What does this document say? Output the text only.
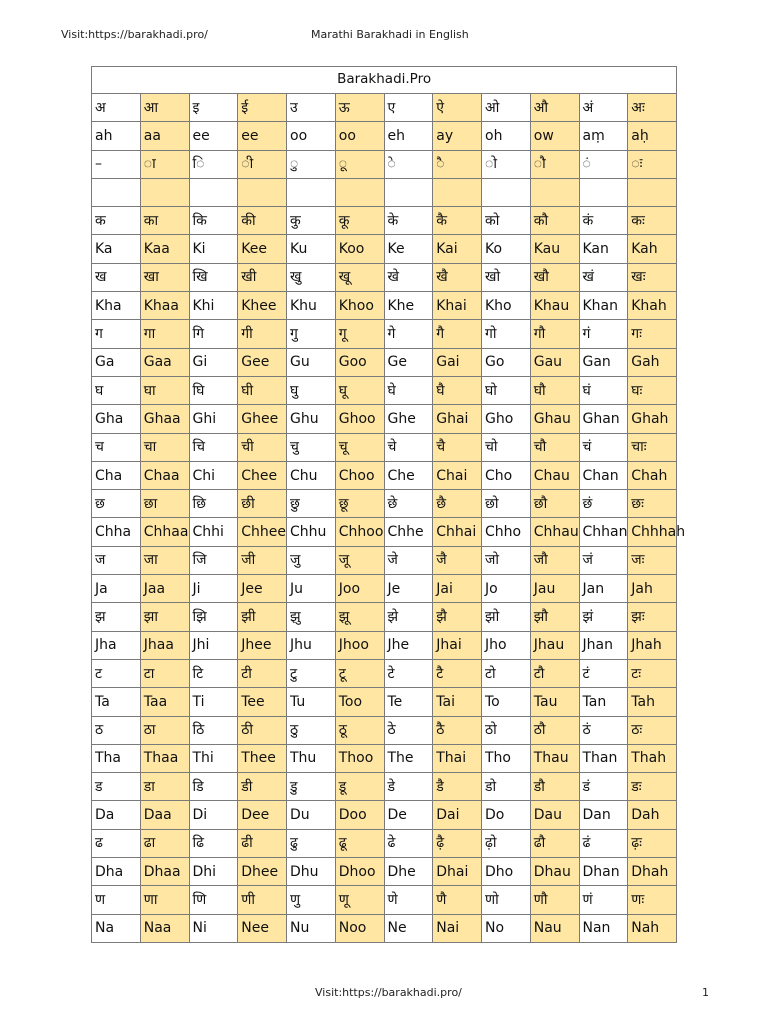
Visit:https://barakhadi.pro/	Marathi Barakhadi in English
Barakhadi.Pro											
अ	आ	इ	ई	उ	ऊ	ए	ऐ	ओ	औ	अं	अः
ah	aa	ee	ee	oo	oo	eh	ay	oh	ow	aṃ	aḥ
–	ा	ि	ी	ु	ू	े	ै	ो	ौ	ं	ः

क	का	कि	की	कु	कू	के	कै	को	कौ	कं	कः
Ka	Kaa	Ki	Kee	Ku	Koo	Ke	Kai	Ko	Kau	Kan	Kah
ख	खा	खि	खी	खु	खू	खे	खै	खो	खौ	खं	खः
Kha	Khaa	Khi	Khee	Khu	Khoo	Khe	Khai	Kho	Khau	Khan	Khah
ग	गा	गि	गी	गु	गू	गे	गै	गो	गौ	गं	गः
Ga	Gaa	Gi	Gee	Gu	Goo	Ge	Gai	Go	Gau	Gan	Gah
घ	घा	घि	घी	घु	घू	घे	घै	घो	घौ	घं	घः
Gha	Ghaa	Ghi	Ghee	Ghu	Ghoo	Ghe	Ghai	Gho	Ghau	Ghan	Ghah
च	चा	चि	ची	चु	चू	चे	चै	चो	चौ	चं	चाः
Cha	Chaa	Chi	Chee	Chu	Choo	Che	Chai	Cho	Chau	Chan	Chah
छ	छा	छि	छी	छु	छू	छे	छै	छो	छौ	छं	छः
Chha	Chhaa	Chhi	Chhee	Chhu	Chhoo	Chhe	Chhai	Chho	Chhau	Chhan	Chhhah
ज	जा	जि	जी	जु	जू	जे	जै	जो	जौ	जं	जः
Ja	Jaa	Ji	Jee	Ju	Joo	Je	Jai	Jo	Jau	Jan	Jah
झ	झा	झि	झी	झु	झू	झे	झै	झो	झौ	झं	झः
Jha	Jhaa	Jhi	Jhee	Jhu	Jhoo	Jhe	Jhai	Jho	Jhau	Jhan	Jhah
ट	टा	टि	टी	टु	टू	टे	टै	टो	टौ	टं	टः
Ta	Taa	Ti	Tee	Tu	Too	Te	Tai	To	Tau	Tan	Tah
ठ	ठा	ठि	ठी	ठु	ठू	ठे	ठै	ठो	ठौ	ठं	ठः
Tha	Thaa	Thi	Thee	Thu	Thoo	The	Thai	Tho	Thau	Than	Thah
ड	डा	डि	डी	डु	डू	डे	डै	डो	डौ	डं	डः
Da	Daa	Di	Dee	Du	Doo	De	Dai	Do	Dau	Dan	Dah
ढ	ढा	ढि	ढी	ढु	ढू	ढे	ढ़ै	ढ़ो	ढौ	ढं	ढ़ः
Dha	Dhaa	Dhi	Dhee	Dhu	Dhoo	Dhe	Dhai	Dho	Dhau	Dhan	Dhah
ण	णा	णि	णी	णु	णू	णे	णै	णो	णौ	णं	णः
Na	Naa	Ni	Nee	Nu	Noo	Ne	Nai	No	Nau	Nan	Nah
Visit:https://barakhadi.pro/	1
